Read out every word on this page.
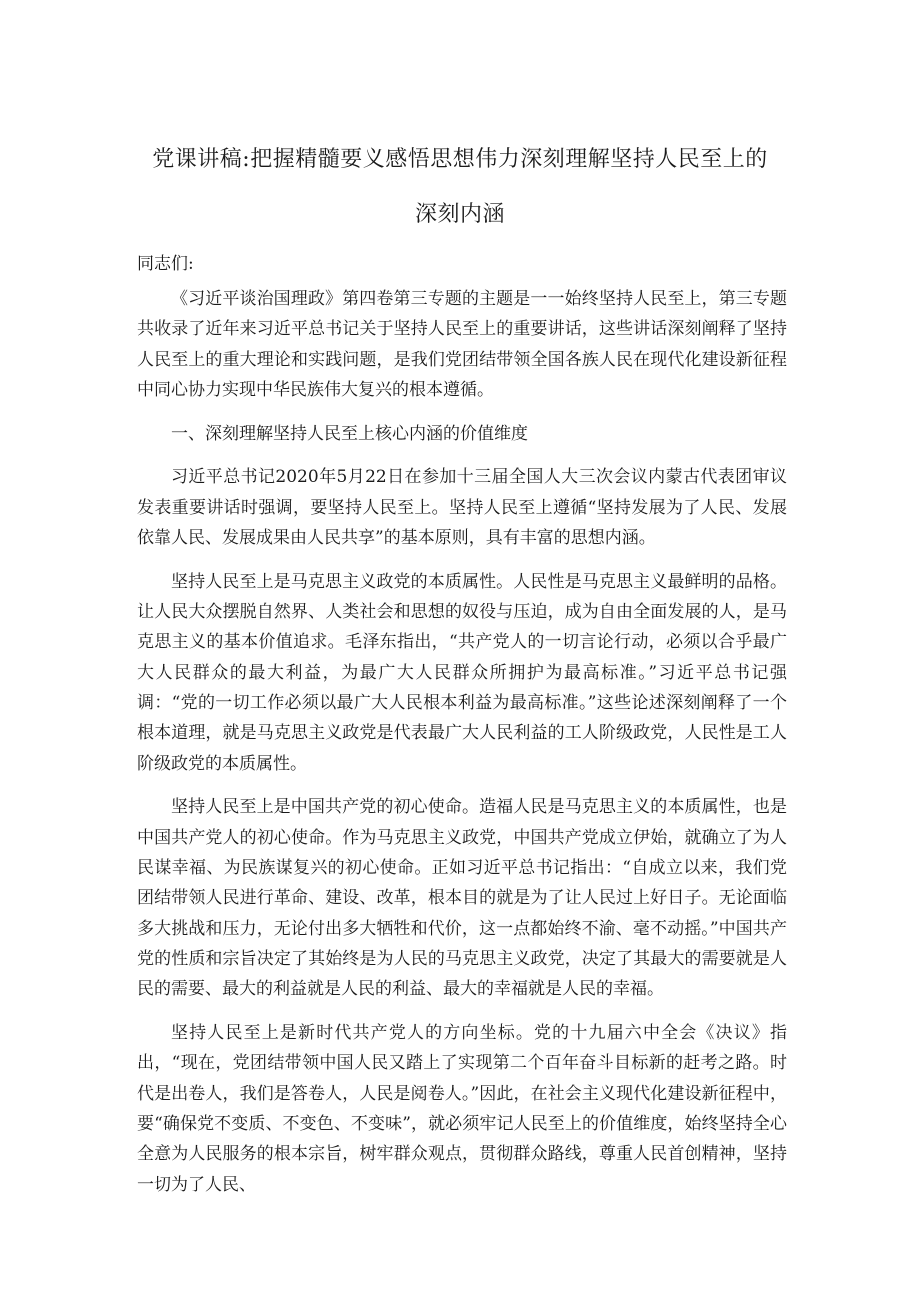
党课讲稿:把握精髓要义感悟思想伟力深刻理解坚持人民至上的
深刻内涵
同志们:

《习近平谈治国理政》第四卷第三专题的主题是一一始终坚持人民至上，第三专题共收录了近年来习近平总书记关于坚持人民至上的重要讲话，这些讲话深刻阐释了坚持人民至上的重大理论和实践问题，是我们党团结带领全国各族人民在现代化建设新征程中同心协力实现中华民族伟大复兴的根本遵循。

一、深刻理解坚持人民至上核心内涵的价值维度

习近平总书记2020年5月22日在参加十三届全国人大三次会议内蒙古代表团审议发表重要讲话时强调，要坚持人民至上。坚持人民至上遵循“坚持发展为了人民、发展依靠人民、发展成果由人民共享”的基本原则，具有丰富的思想内涵。

坚持人民至上是马克思主义政党的本质属性。人民性是马克思主义最鲜明的品格。让人民大众摆脱自然界、人类社会和思想的奴役与压迫，成为自由全面发展的人，是马克思主义的基本价值追求。毛泽东指出，“共产党人的一切言论行动，必须以合乎最广大人民群众的最大利益，为最广大人民群众所拥护为最高标准。”习近平总书记强调：“党的一切工作必须以最广大人民根本利益为最高标准。”这些论述深刻阐释了一个根本道理，就是马克思主义政党是代表最广大人民利益的工人阶级政党，人民性是工人阶级政党的本质属性。

坚持人民至上是中国共产党的初心使命。造福人民是马克思主义的本质属性，也是中国共产党人的初心使命。作为马克思主义政党，中国共产党成立伊始，就确立了为人民谋幸福、为民族谋复兴的初心使命。正如习近平总书记指出：“自成立以来，我们党团结带领人民进行革命、建设、改革，根本目的就是为了让人民过上好日子。无论面临多大挑战和压力，无论付出多大牺牲和代价，这一点都始终不渝、毫不动摇。”中国共产党的性质和宗旨决定了其始终是为人民的马克思主义政党，决定了其最大的需要就是人民的需要、最大的利益就是人民的利益、最大的幸福就是人民的幸福。

坚持人民至上是新时代共产党人的方向坐标。党的十九届六中全会《决议》指出，“现在，党团结带领中国人民又踏上了实现第二个百年奋斗目标新的赶考之路。时代是出卷人，我们是答卷人，人民是阅卷人。”因此，在社会主义现代化建设新征程中，要“确保党不变质、不变色、不变味”，就必须牢记人民至上的价值维度，始终坚持全心全意为人民服务的根本宗旨，树牢群众观点，贯彻群众路线，尊重人民首创精神，坚持一切为了人民、
